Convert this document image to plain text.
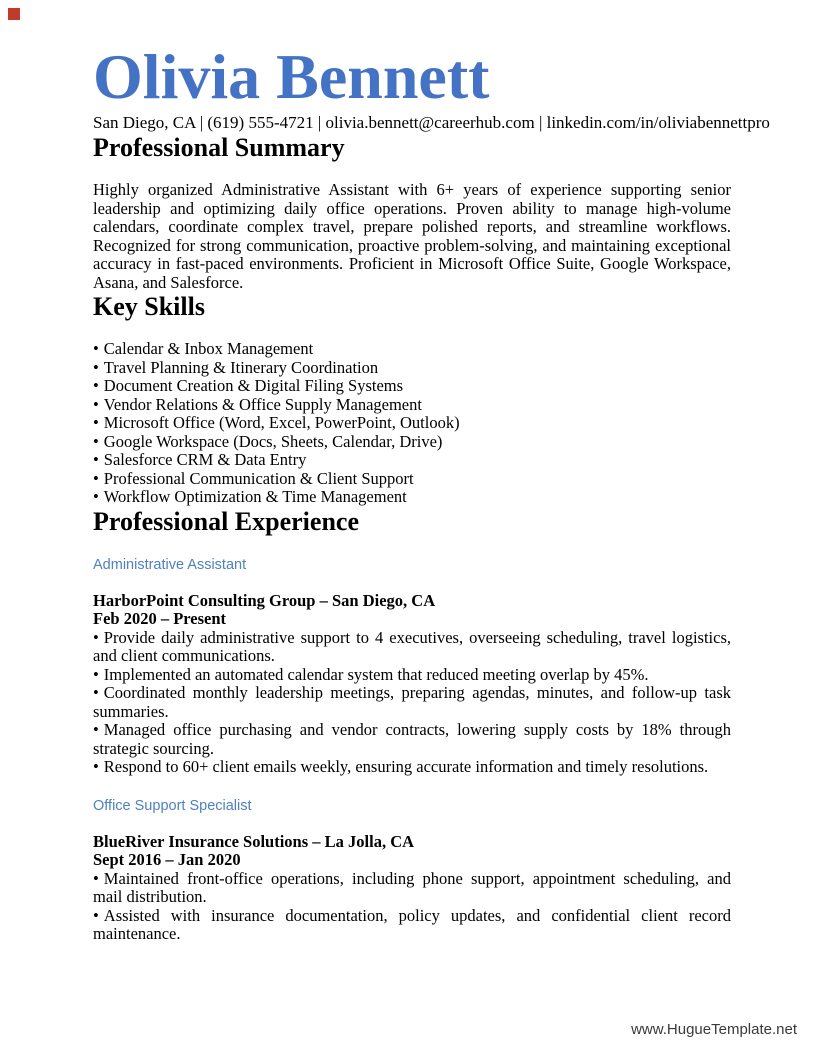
Olivia Bennett
San Diego, CA | (619) 555-4721 | olivia.bennett@careerhub.com | linkedin.com/in/oliviabennettpro
Professional Summary

Highly organized Administrative Assistant with 6+ years of experience supporting senior leadership and optimizing daily office operations. Proven ability to manage high-volume calendars, coordinate complex travel, prepare polished reports, and streamline workflows. Recognized for strong communication, proactive problem-solving, and maintaining exceptional accuracy in fast-paced environments. Proficient in Microsoft Office Suite, Google Workspace, Asana, and Salesforce.

Key Skills
• Calendar & Inbox Management
• Travel Planning & Itinerary Coordination
• Document Creation & Digital Filing Systems
• Vendor Relations & Office Supply Management
• Microsoft Office (Word, Excel, PowerPoint, Outlook)
• Google Workspace (Docs, Sheets, Calendar, Drive)
• Salesforce CRM & Data Entry
• Professional Communication & Client Support
• Workflow Optimization & Time Management
Professional Experience
Administrative Assistant
HarborPoint Consulting Group – San Diego, CA
Feb 2020 – Present
• Provide daily administrative support to 4 executives, overseeing scheduling, travel logistics, and client communications.
• Implemented an automated calendar system that reduced meeting overlap by 45%.
• Coordinated monthly leadership meetings, preparing agendas, minutes, and follow-up task summaries.
• Managed office purchasing and vendor contracts, lowering supply costs by 18% through strategic sourcing.
• Respond to 60+ client emails weekly, ensuring accurate information and timely resolutions.
Office Support Specialist
BlueRiver Insurance Solutions – La Jolla, CA
Sept 2016 – Jan 2020
• Maintained front-office operations, including phone support, appointment scheduling, and mail distribution.
• Assisted with insurance documentation, policy updates, and confidential client record maintenance.
www.HugueTemplate.net
